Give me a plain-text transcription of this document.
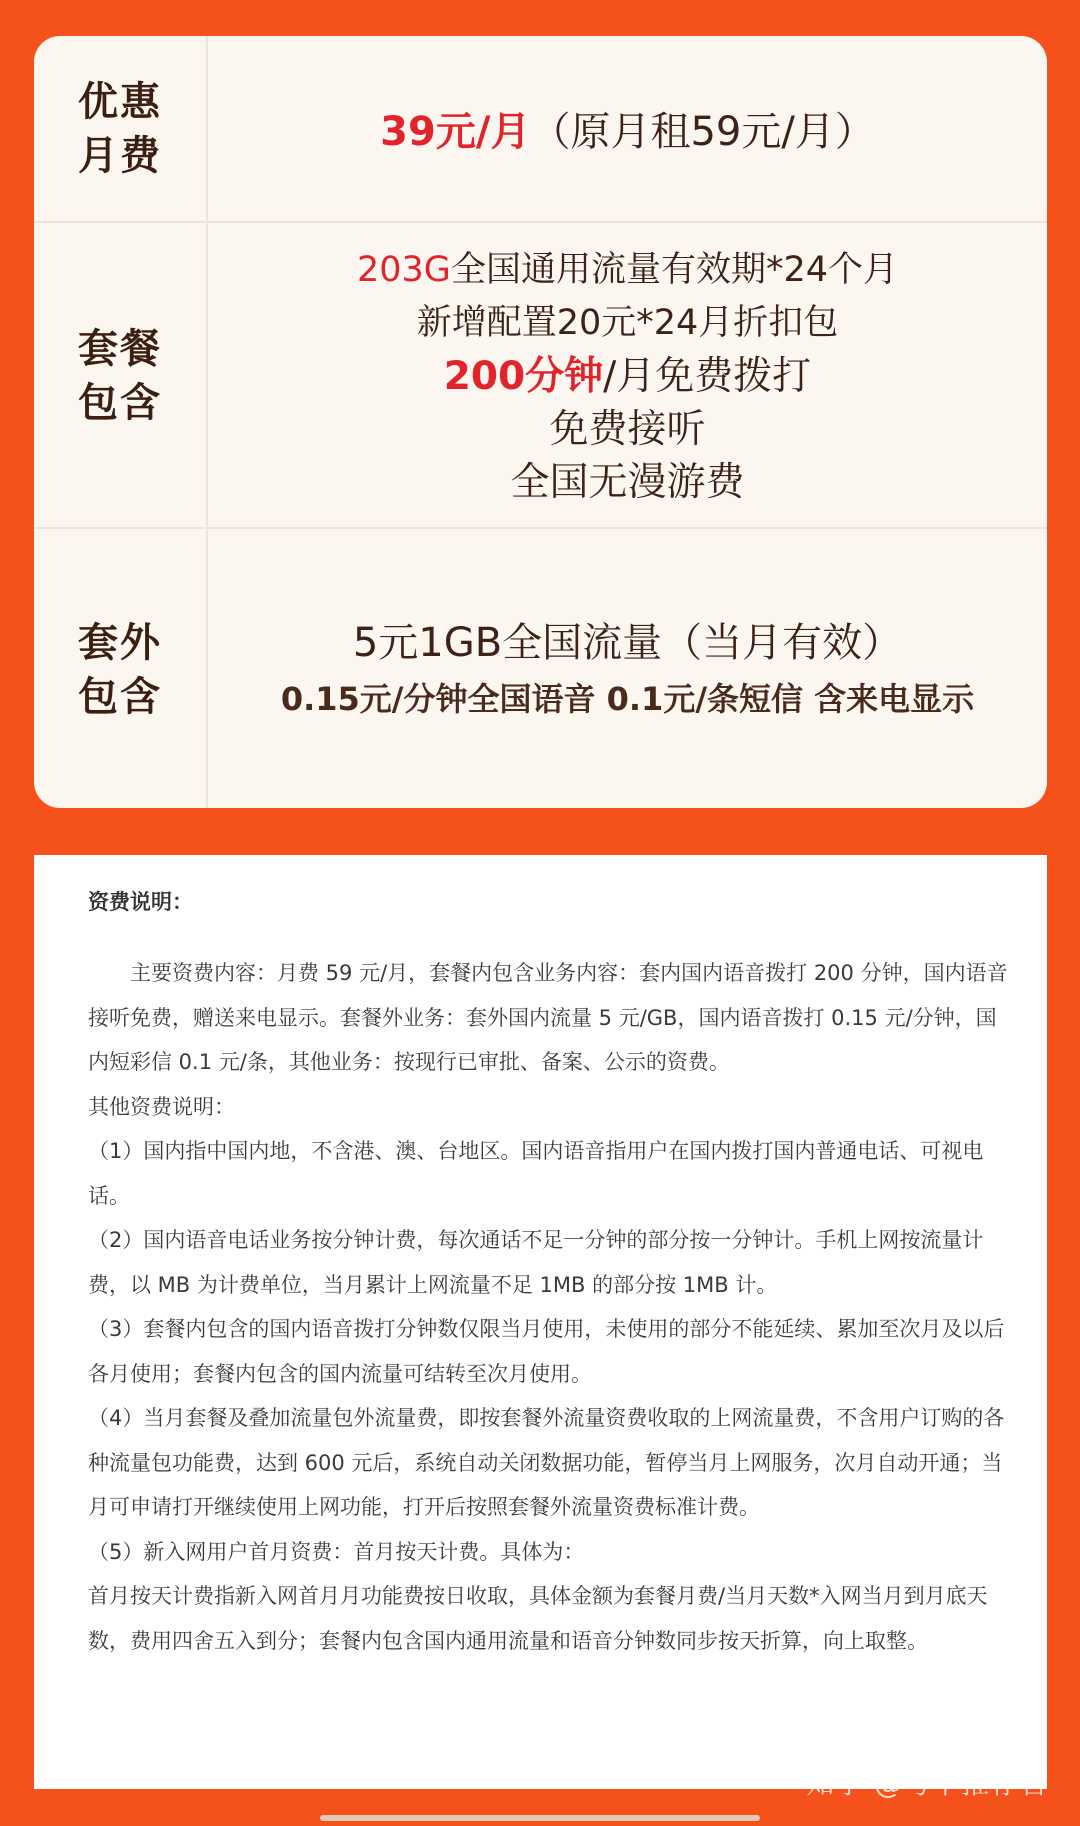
优惠月费
39元/月（原月租59元/月）
套餐包含
203G全国通用流量有效期*24个月
新增配置20元*24月折扣包
200分钟/月免费拨打
免费接听
全国无漫游费
套外包含
5元1GB全国流量（当月有效）
0.15元/分钟全国语音 0.1元/条短信 含来电显示

资费说明：

主要资费内容：月费 59 元/月，套餐内包含业务内容：套内国内语音拨打 200 分钟，国内语音接听免费，赠送来电显示。套餐外业务：套外国内流量 5 元/GB，国内语音拨打 0.15 元/分钟，国内短彩信 0.1 元/条，其他业务：按现行已审批、备案、公示的资费。

其他资费说明：

（1）国内指中国内地，不含港、澳、台地区。国内语音指用户在国内拨打国内普通电话、可视电话。

（2）国内语音电话业务按分钟计费，每次通话不足一分钟的部分按一分钟计。手机上网按流量计费，以 MB 为计费单位，当月累计上网流量不足 1MB 的部分按 1MB 计。

（3）套餐内包含的国内语音拨打分钟数仅限当月使用，未使用的部分不能延续、累加至次月及以后各月使用；套餐内包含的国内流量可结转至次月使用。

（4）当月套餐及叠加流量包外流量费，即按套餐外流量资费收取的上网流量费，不含用户订购的各种流量包功能费，达到 600 元后，系统自动关闭数据功能，暂停当月上网服务，次月自动开通；当月可申请打开继续使用上网功能，打开后按照套餐外流量资费标准计费。

（5）新入网用户首月资费：首月按天计费。具体为：

首月按天计费指新入网首月月功能费按日收取，具体金额为套餐月费/当月天数*入网当月到月底天数，费用四舍五入到分；套餐内包含国内通用流量和语音分钟数同步按天折算，向上取整。

知乎 @号卡推荐官
